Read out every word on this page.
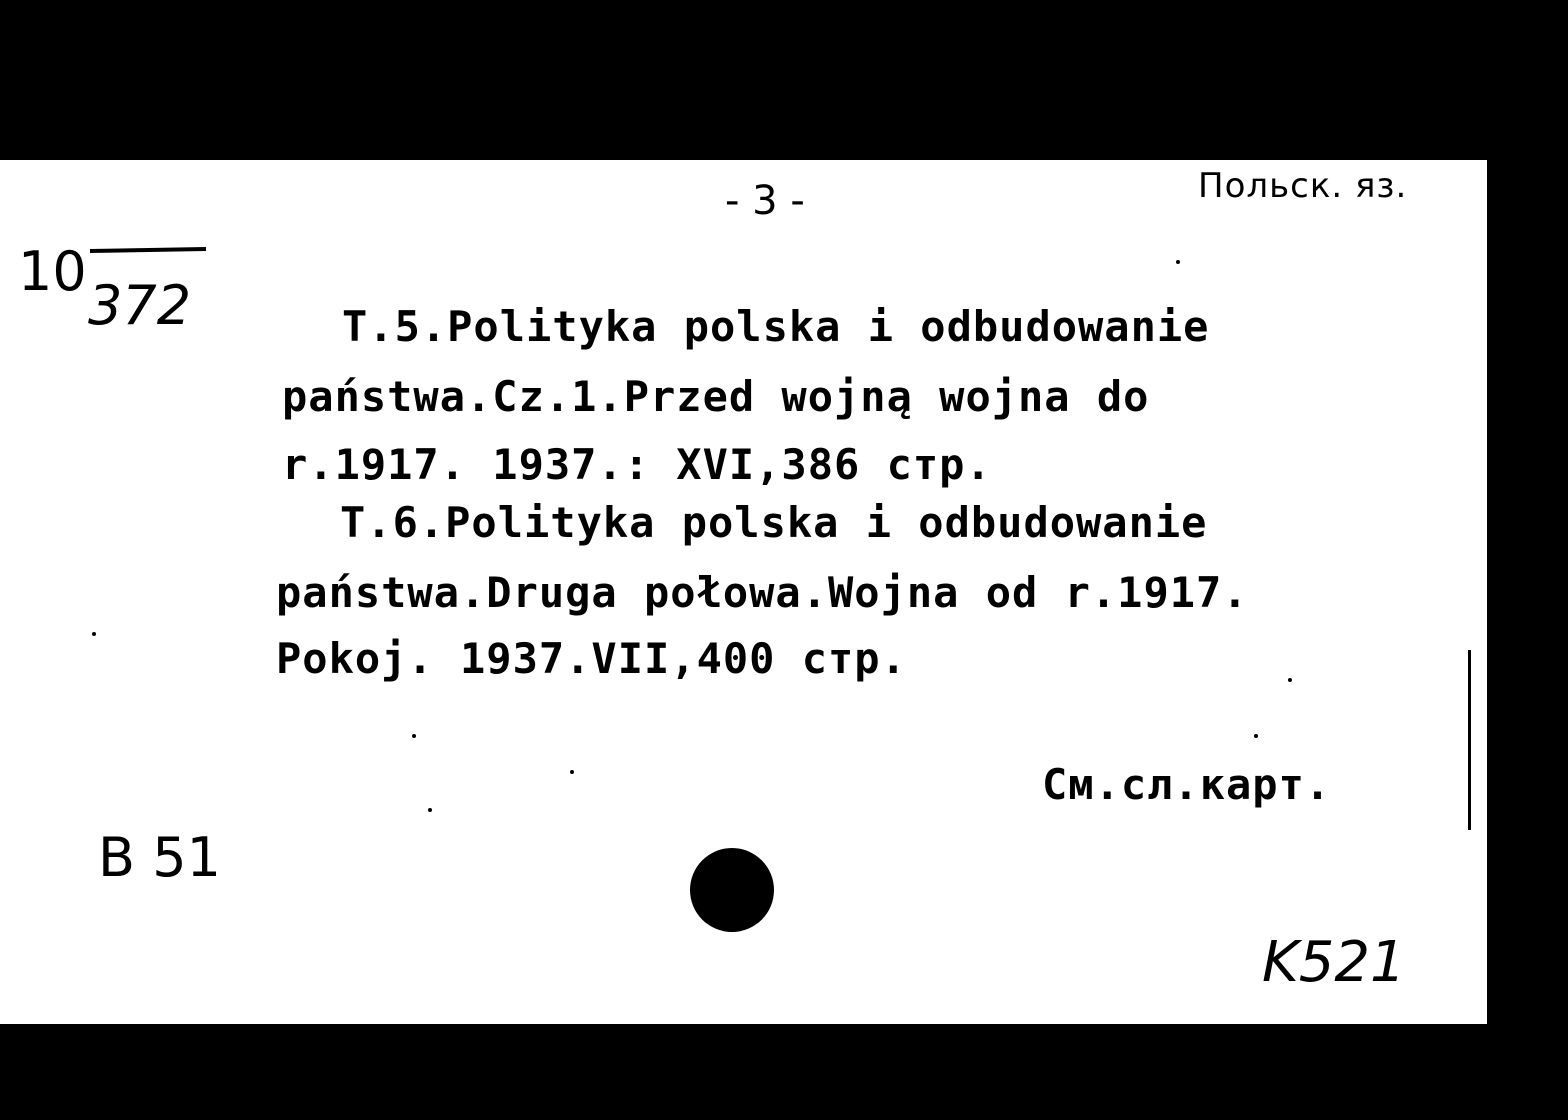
- 3 -	Польск. яз.
10
372	T.5.Polityka polska i odbudowanie
państwa.Cz.1.Przed wojną wojna do
r.1917. 1937.: XVI,386 стр.
T.6.Polityka polska i odbudowanie
państwa.Druga połowa.Wojna od r.1917.
Pokoj. 1937.VII,400 стр.
См.сл.карт.
B 51
K521
